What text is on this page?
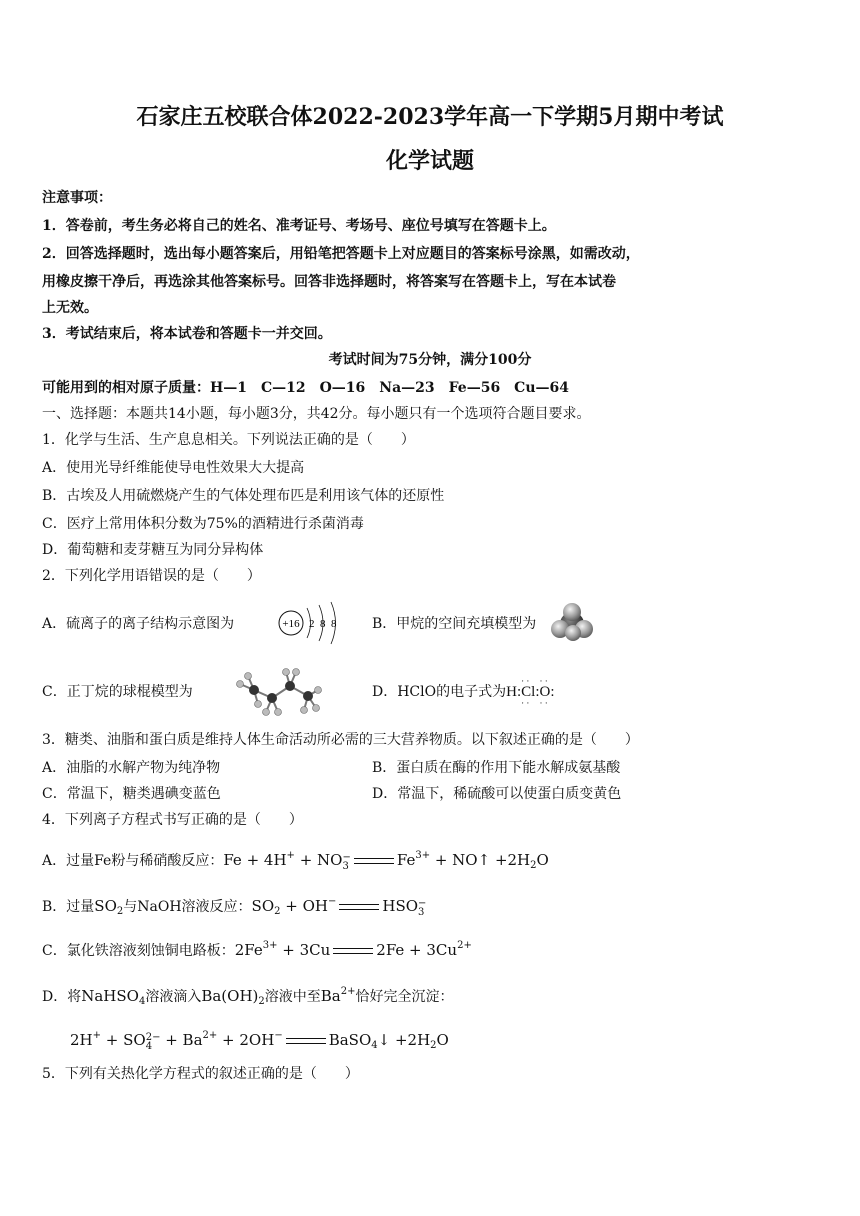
石家庄五校联合体2022-2023学年高一下学期5月期中考试
化学试题
注意事项：
1．答卷前，考生务必将自己的姓名、准考证号、考场号、座位号填写在答题卡上。
2．回答选择题时，选出每小题答案后，用铅笔把答题卡上对应题目的答案标号涂黑，如需改动，
用橡皮擦干净后，再选涂其他答案标号。回答非选择题时，将答案写在答题卡上，写在本试卷
上无效。
3．考试结束后，将本试卷和答题卡一并交回。
考试时间为75分钟，满分100分
可能用到的相对原子质量：H—1　C—12　O—16　Na—23　Fe—56　Cu—64
一、选择题：本题共14小题，每小题3分，共42分。每小题只有一个选项符合题目要求。
1．化学与生活、生产息息相关。下列说法正确的是（　　）
A．使用光导纤维能使导电性效果大大提高
B．古埃及人用硫燃烧产生的气体处理布匹是利用该气体的还原性
C．医疗上常用体积分数为75%的酒精进行杀菌消毒
D．葡萄糖和麦芽糖互为同分异构体
2．下列化学用语错误的是（　　）
A．硫离子的离子结构示意图为	+16 2 8 8	B．甲烷的空间充填模型为
C．正丁烷的球棍模型为	D．HClO的电子式为H:· · Cl · ·:· · O · ·:
3．糖类、油脂和蛋白质是维持人体生命活动所必需的三大营养物质。以下叙述正确的是（　　）
A．油脂的水解产物为纯净物	B．蛋白质在酶的作用下能水解成氨基酸
C．常温下，糖类遇碘变蓝色	D．常温下，稀硫酸可以使蛋白质变黄色
4．下列离子方程式书写正确的是（　　）
A．过量Fe粉与稀硝酸反应：Fe + 4H+ + NO −
3	$Fe^{3+}$ + NO↑ $+2H_2O$
B．过量$SO_2$与NaOH溶液反应：$SO_2 + OH^-$	HSO −
3
C．氯化铁溶液刻蚀铜电路板：$2Fe^{3+} + 3Cu$	$2Fe + 3Cu^{2+}$
D．将NaHSO$_4$溶液滴入$Ba(OH)_2$溶液中至$Ba^{2+}$恰好完全沉淀：
2H+ + SO 2−
$4 + Ba^{2+} + 2OH^-$	BaSO$_4$↓ $+2H_2O$
5．下列有关热化学方程式的叙述正确的是（　　）
